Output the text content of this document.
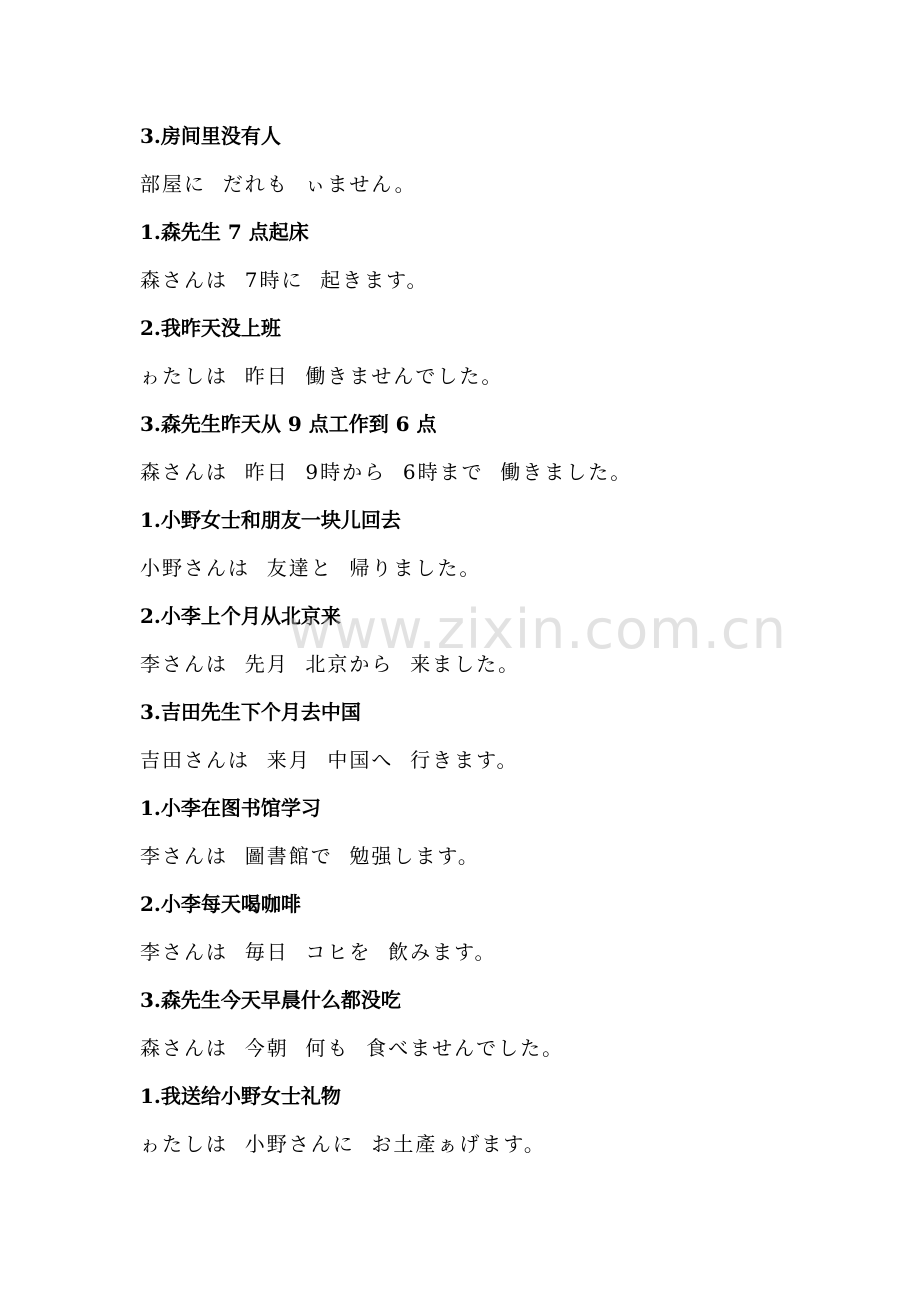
3.房间里没有人
部屋に  だれも  ぃません。
1.森先生 7 点起床
森さんは  7時に  起きます。
2.我昨天没上班
ゎたしは  昨日  働きませんでした。
3.森先生昨天从 9 点工作到 6 点
森さんは  昨日  9時から  6時まで  働きました。
1.小野女士和朋友一块儿回去
小野さんは  友達と  帰りました。
2.小李上个月从北京来
李さんは  先月  北京から  来ました。
3.吉田先生下个月去中国
吉田さんは  来月  中国へ  行きます。
1.小李在图书馆学习
李さんは  圖書館で  勉强します。
2.小李每天喝咖啡
李さんは  毎日  コヒを  飲みます。
3.森先生今天早晨什么都没吃
森さんは  今朝  何も  食べませんでした。
1.我送给小野女士礼物
ゎたしは  小野さんに  お土產ぁげます。
www.zixin.com.cn
